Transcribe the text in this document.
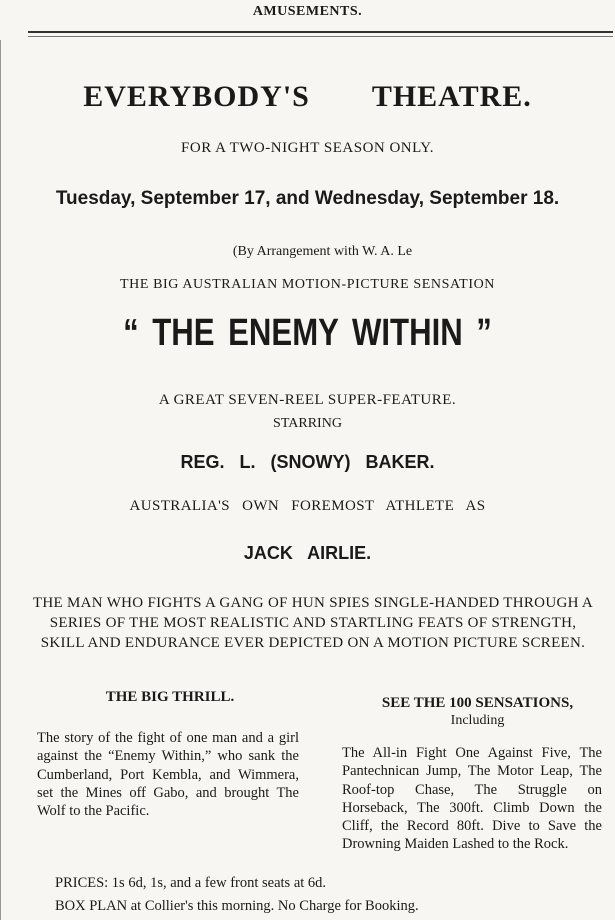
AMUSEMENTS.
EVERYBODY'S THEATRE.
FOR A TWO-NIGHT SEASON ONLY.
Tuesday, September 17, and Wednesday, September 18.
(By Arrangement with W. A. Le
THE BIG AUSTRALIAN MOTION-PICTURE SENSATION
“ THE ENEMY WITHIN ”
A GREAT SEVEN-REEL SUPER-FEATURE.
STARRING
REG. L. (SNOWY) BAKER.
AUSTRALIA'S OWN FOREMOST ATHLETE AS
JACK AIRLIE.
THE MAN WHO FIGHTS A GANG OF HUN SPIES SINGLE-HANDED THROUGH A SERIES OF THE MOST REALISTIC AND STARTLING FEATS OF STRENGTH, SKILL AND ENDURANCE EVER DEPICTED ON A MOTION PICTURE SCREEN.
THE BIG THRILL.
The story of the fight of one man and a girl against the “Enemy Within,” who sank the Cumberland, Port Kembla, and Wimmera, set the Mines off Gabo, and brought The Wolf to the Pacific.
SEE THE 100 SENSATIONS,
Including
The All-in Fight One Against Five, The Pantechnican Jump, The Motor Leap, The Roof-top Chase, The Struggle on Horseback, The 300ft. Climb Down the Cliff, the Record 80ft. Dive to Save the Drowning Maiden Lashed to the Rock.
PRICES: 1s 6d, 1s, and a few front seats at 6d.
BOX PLAN at Collier's this morning. No Charge for Booking.
